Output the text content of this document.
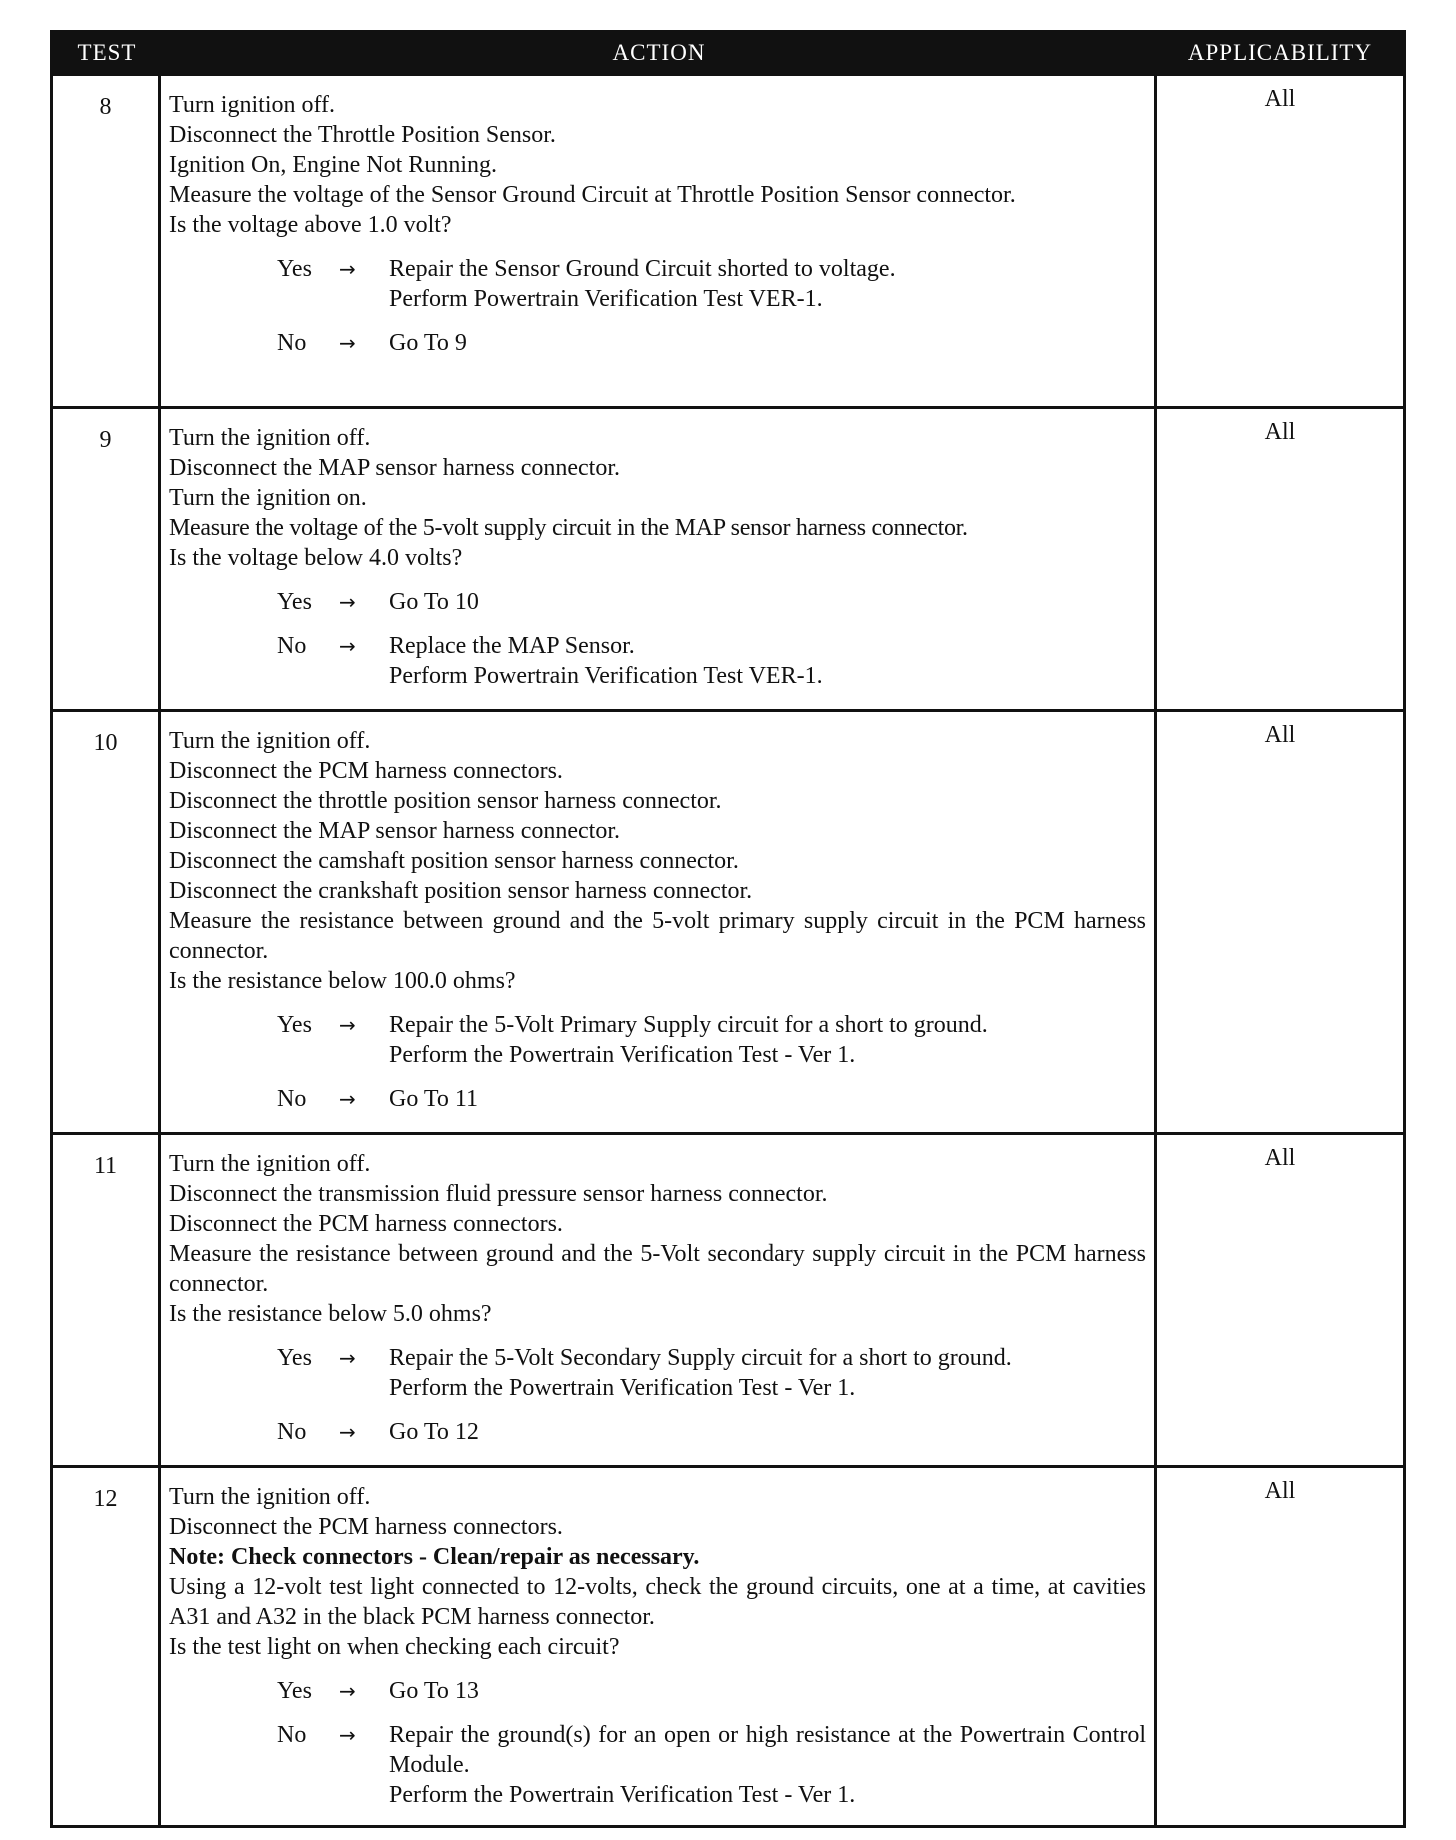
TEST	ACTION	APPLICABILITY
8	Turn ignition off.
Disconnect the Throttle Position Sensor.
Ignition On, Engine Not Running.
Measure the voltage of the Sensor Ground Circuit at Throttle Position Sensor connector.
Is the voltage above 1.0 volt?
Yes	→	Repair the Sensor Ground Circuit shorted to voltage.
Perform Powertrain Verification Test VER-1.
No	→	Go To 9
All
9	Turn the ignition off.
Disconnect the MAP sensor harness connector.
Turn the ignition on.
Measure the voltage of the 5-volt supply circuit in the MAP sensor harness connector.
Is the voltage below 4.0 volts?
Yes	→	Go To 10
No	→	Replace the MAP Sensor.
Perform Powertrain Verification Test VER-1.
All
10	Turn the ignition off.
Disconnect the PCM harness connectors.
Disconnect the throttle position sensor harness connector.
Disconnect the MAP sensor harness connector.
Disconnect the camshaft position sensor harness connector.
Disconnect the crankshaft position sensor harness connector.
Measure the resistance between ground and the 5-volt primary supply circuit in the PCM harness connector.
Is the resistance below 100.0 ohms?
Yes	→	Repair the 5-Volt Primary Supply circuit for a short to ground.
Perform the Powertrain Verification Test - Ver 1.
No	→	Go To 11
All
11	Turn the ignition off.
Disconnect the transmission fluid pressure sensor harness connector.
Disconnect the PCM harness connectors.
Measure the resistance between ground and the 5-Volt secondary supply circuit in the PCM harness connector.
Is the resistance below 5.0 ohms?
Yes	→	Repair the 5-Volt Secondary Supply circuit for a short to ground.
Perform the Powertrain Verification Test - Ver 1.
No	→	Go To 12
All
12	Turn the ignition off.
Disconnect the PCM harness connectors.
Note: Check connectors - Clean/repair as necessary.
Using a 12-volt test light connected to 12-volts, check the ground circuits, one at a time, at cavities A31 and A32 in the black PCM harness connector.
Is the test light on when checking each circuit?
Yes	→	Go To 13
No	→	Repair the ground(s) for an open or high resistance at the Powertrain Control Module.
Perform the Powertrain Verification Test - Ver 1.
All
